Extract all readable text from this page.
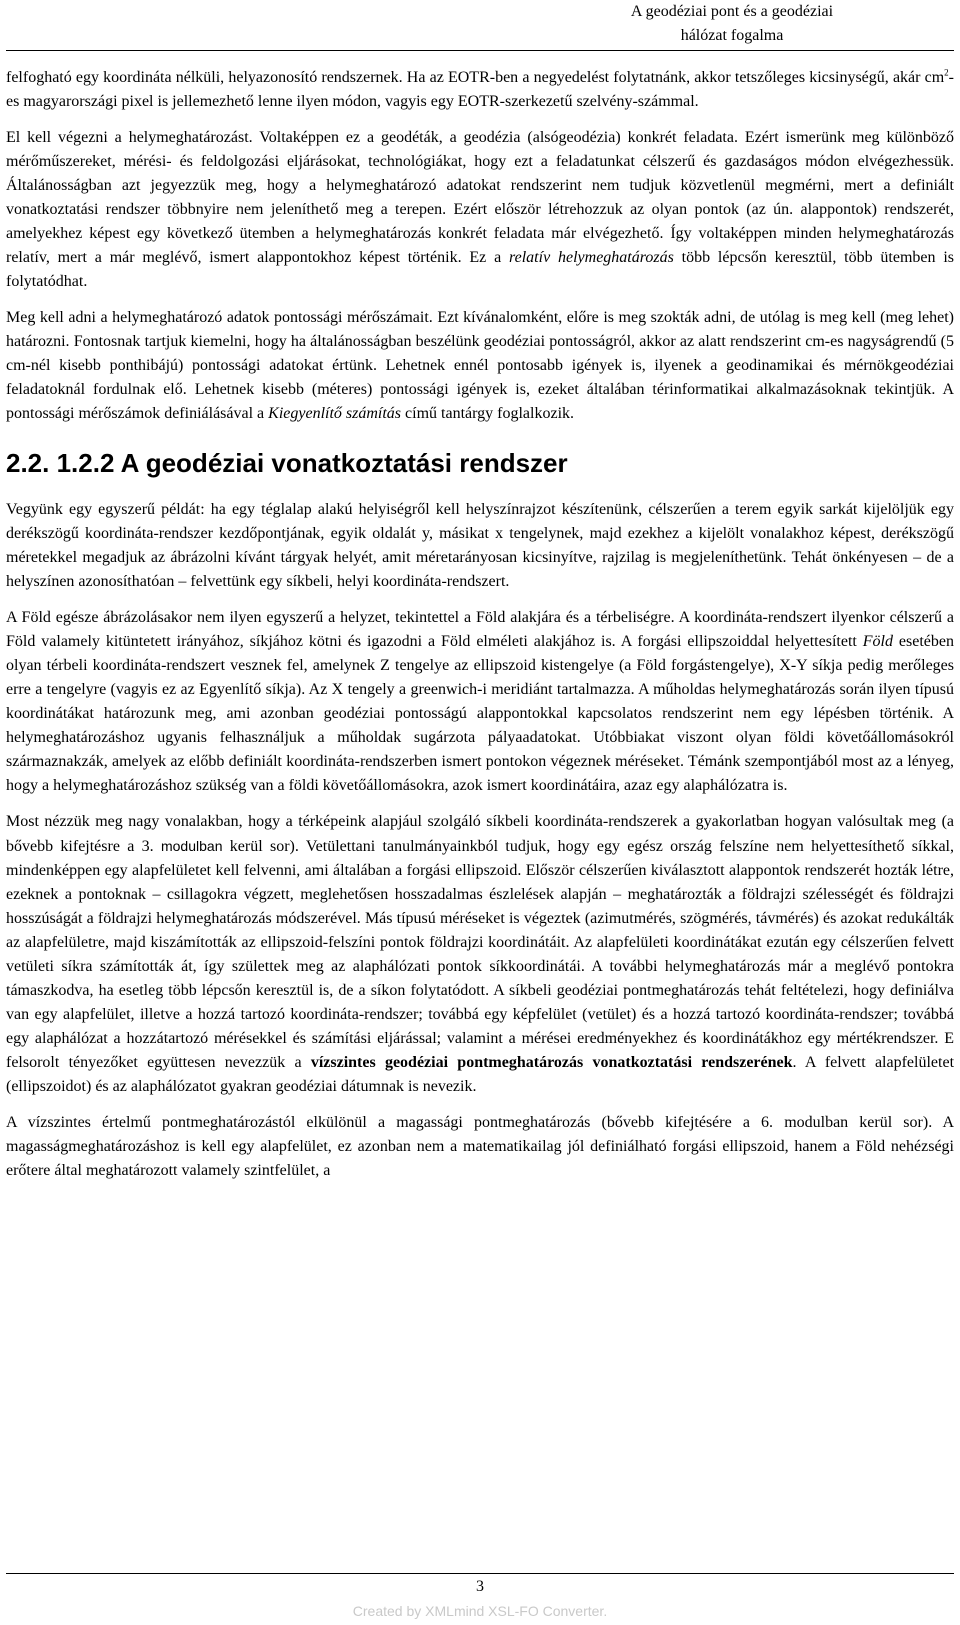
A geodéziai pont és a geodéziai
hálózat fogalma

felfogható egy koordináta nélküli, helyazonosító rendszernek. Ha az EOTR-ben a negyedelést folytatnánk, akkor tetszőleges kicsinységű, akár $cm^2-es$ magyarországi pixel is jellemezhető lenne ilyen módon, vagyis egy EOTR-szerkezetű szelvény-számmal.

El kell végezni a helymeghatározást. Voltaképpen ez a geodéták, a geodézia (alsógeodézia) konkrét feladata. Ezért ismerünk meg különböző mérőműszereket, mérési- és feldolgozási eljárásokat, technológiákat, hogy ezt a feladatunkat célszerű és gazdaságos módon elvégezhessük. Általánosságban azt jegyezzük meg, hogy a helymeghatározó adatokat rendszerint nem tudjuk közvetlenül megmérni, mert a definiált vonatkoztatási rendszer többnyire nem jeleníthető meg a terepen. Ezért először létrehozzuk az olyan pontok (az ún. alappontok) rendszerét, amelyekhez képest egy következő ütemben a helymeghatározás konkrét feladata már elvégezhető. Így voltaképpen minden helymeghatározás relatív, mert a már meglévő, ismert alappontokhoz képest történik. Ez a relatív helymeghatározás több lépcsőn keresztül, több ütemben is folytatódhat.

Meg kell adni a helymeghatározó adatok pontossági mérőszámait. Ezt kívánalomként, előre is meg szokták adni, de utólag is meg kell (meg lehet) határozni. Fontosnak tartjuk kiemelni, hogy ha általánosságban beszélünk geodéziai pontosságról, akkor az alatt rendszerint cm-es nagyságrendű (5 cm-nél kisebb ponthibájú) pontossági adatokat értünk. Lehetnek ennél pontosabb igények is, ilyenek a geodinamikai és mérnökgeodéziai feladatoknál fordulnak elő. Lehetnek kisebb (méteres) pontossági igények is, ezeket általában térinformatikai alkalmazásoknak tekintjük. A pontossági mérőszámok definiálásával a Kiegyenlítő számítás című tantárgy foglalkozik.

2.2. 1.2.2 A geodéziai vonatkoztatási rendszer

Vegyünk egy egyszerű példát: ha egy téglalap alakú helyiségről kell helyszínrajzot készítenünk, célszerűen a terem egyik sarkát kijelöljük egy derékszögű koordináta-rendszer kezdőpontjának, egyik oldalát y, másikat x tengelynek, majd ezekhez a kijelölt vonalakhoz képest, derékszögű méretekkel megadjuk az ábrázolni kívánt tárgyak helyét, amit méretarányosan kicsinyítve, rajzilag is megjeleníthetünk. Tehát önkényesen – de a helyszínen azonosíthatóan – felvettünk egy síkbeli, helyi koordináta-rendszert.

A Föld egésze ábrázolásakor nem ilyen egyszerű a helyzet, tekintettel a Föld alakjára és a térbeliségre. A koordináta-rendszert ilyenkor célszerű a Föld valamely kitüntetett irányához, síkjához kötni és igazodni a Föld elméleti alakjához is. A forgási ellipszoiddal helyettesített Föld esetében olyan térbeli koordináta-rendszert vesznek fel, amelynek Z tengelye az ellipszoid kistengelye (a Föld forgástengelye), X-Y síkja pedig merőleges erre a tengelyre (vagyis ez az Egyenlítő síkja). Az X tengely a greenwich-i meridiánt tartalmazza. A műholdas helymeghatározás során ilyen típusú koordinátákat határozunk meg, ami azonban geodéziai pontosságú alappontokkal kapcsolatos rendszerint nem egy lépésben történik. A helymeghatározáshoz ugyanis felhasználjuk a műholdak sugárzota pályaadatokat. Utóbbiakat viszont olyan földi követőállomásokról származnakzák, amelyek az előbb definiált koordináta-rendszerben ismert pontokon végeznek méréseket. Témánk szempontjából most az a lényeg, hogy a helymeghatározáshoz szükség van a földi követőállomásokra, azok ismert koordinátáira, azaz egy alaphálózatra is.

Most nézzük meg nagy vonalakban, hogy a térképeink alapjául szolgáló síkbeli koordináta-rendszerek a gyakorlatban hogyan valósultak meg (a bővebb kifejtésre a 3. modulban kerül sor). Vetülettani tanulmányainkból tudjuk, hogy egy egész ország felszíne nem helyettesíthető síkkal, mindenképpen egy alapfelületet kell felvenni, ami általában a forgási ellipszoid. Először célszerűen kiválasztott alappontok rendszerét hozták létre, ezeknek a pontoknak – csillagokra végzett, meglehetősen hosszadalmas észlelések alapján – meghatározták a földrajzi szélességét és földrajzi hosszúságát a földrajzi helymeghatározás módszerével. Más típusú méréseket is végeztek (azimutmérés, szögmérés, távmérés) és azokat redukálták az alapfelületre, majd kiszámították az ellipszoid-felszíni pontok földrajzi koordinátáit. Az alapfelületi koordinátákat ezután egy célszerűen felvett vetületi síkra számították át, így születtek meg az alaphálózati pontok síkkoordinátái. A további helymeghatározás már a meglévő pontokra támaszkodva, ha esetleg több lépcsőn keresztül is, de a síkon folytatódott. A síkbeli geodéziai pontmeghatározás tehát feltételezi, hogy definiálva van egy alapfelület, illetve a hozzá tartozó koordináta-rendszer; továbbá egy képfelület (vetület) és a hozzá tartozó koordináta-rendszer; továbbá egy alaphálózat a hozzátartozó mérésekkel és számítási eljárással; valamint a mérései eredményekhez és koordinátákhoz egy mértékrendszer. E felsorolt tényezőket együttesen nevezzük a vízszintes geodéziai pontmeghatározás vonatkoztatási rendszerének. A felvett alapfelületet (ellipszoidot) és az alaphálózatot gyakran geodéziai dátumnak is nevezik.

A vízszintes értelmű pontmeghatározástól elkülönül a magassági pontmeghatározás (bővebb kifejtésére a 6. modulban kerül sor). A magasságmeghatározáshoz is kell egy alapfelület, ez azonban nem a matematikailag jól definiálható forgási ellipszoid, hanem a Föld nehézségi erőtere által meghatározott valamely szintfelület, a

3
Created by XMLmind XSL-FO Converter.
